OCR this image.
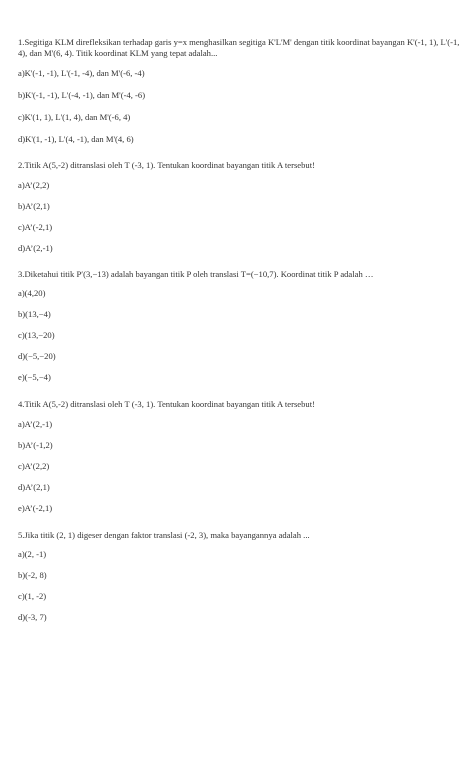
1.Segitiga KLM direfleksikan terhadap garis y=x menghasilkan segitiga K'L'M' dengan titik koordinat bayangan K'(-1, 1), L'(-1, 4), dan M'(6, 4). Titik koordinat KLM yang tepat adalah...

a)K'(-1, -1), L'(-1, -4), dan M'(-6, -4)
b)K'(-1, -1), L'(-4, -1), dan M'(-4, -6)
c)K'(1, 1), L'(1, 4), dan M'(-6, 4)
d)K'(1, -1), L'(4, -1), dan M'(4, 6)

2.Titik A(5,-2) ditranslasi oleh T (-3, 1). Tentukan koordinat bayangan titik A tersebut!

a)A’(2,2)
b)A’(2,1)
c)A’(-2,1)
d)A’(2,-1)

3.Diketahui titik P′(3,−13) adalah bayangan titik P oleh translasi T=(−10,7). Koordinat titik P adalah …

a)(4,20)
b)(13,−4)
c)(13,−20)
d)(−5,−20)
e)(−5,−4)

4.Titik A(5,-2) ditranslasi oleh T (-3, 1). Tentukan koordinat bayangan titik A tersebut!

a)A’(2,-1)
b)A’(-1,2)
c)A’(2,2)
d)A’(2,1)
e)A’(-2,1)

5.Jika titik (2, 1) digeser dengan faktor translasi (-2, 3), maka bayangannya adalah ...

a)(2, -1)
b)(-2, 8)
c)(1, -2)
d)(-3, 7)
